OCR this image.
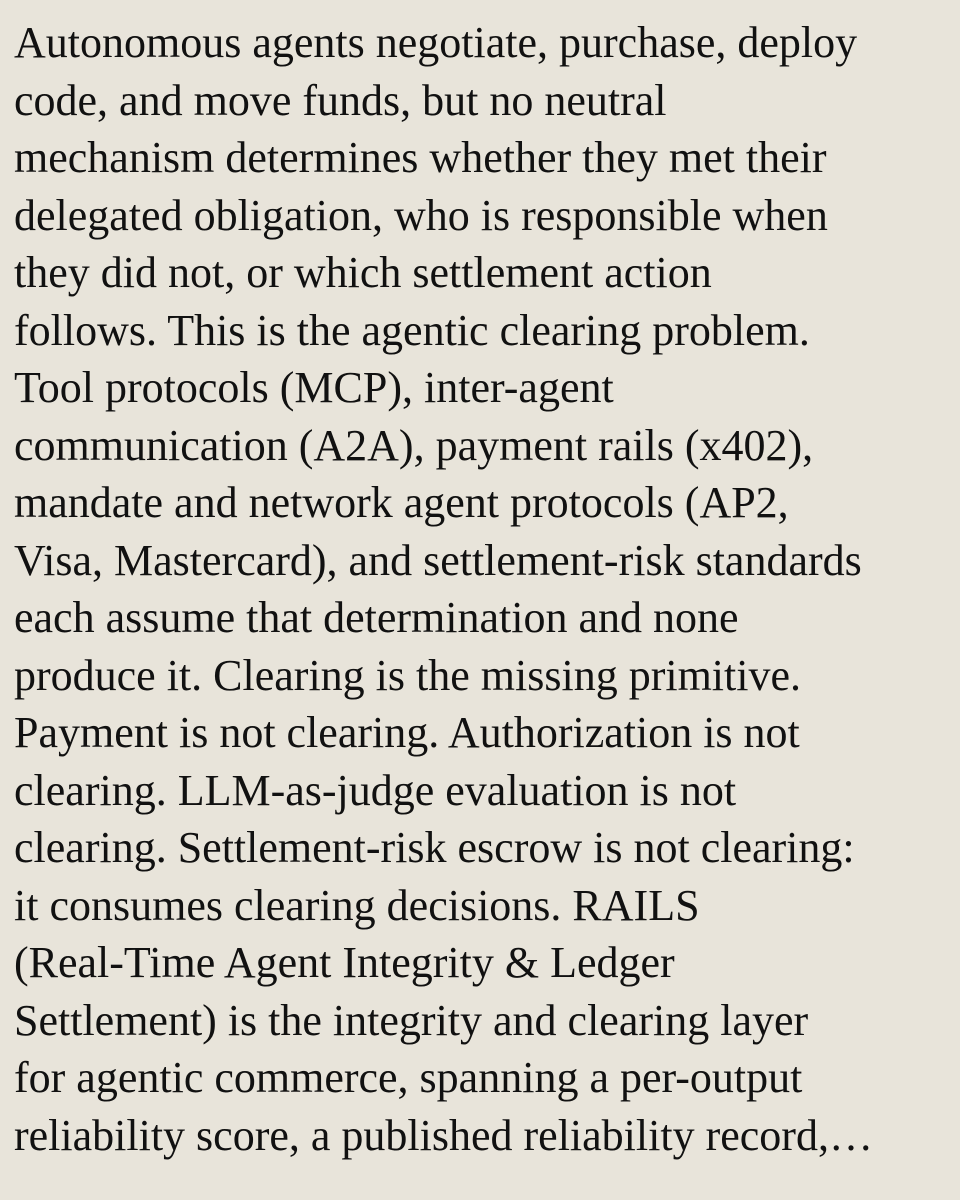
Autonomous agents negotiate, purchase, deploy
code, and move funds, but no neutral
mechanism determines whether they met their
delegated obligation, who is responsible when
they did not, or which settlement action
follows. This is the agentic clearing problem.
Tool protocols (MCP), inter-agent
communication (A2A), payment rails (x402),
mandate and network agent protocols (AP2,
Visa, Mastercard), and settlement-risk standards
each assume that determination and none
produce it. Clearing is the missing primitive.
Payment is not clearing. Authorization is not
clearing. LLM-as-judge evaluation is not
clearing. Settlement-risk escrow is not clearing:
it consumes clearing decisions. RAILS
(Real-Time Agent Integrity & Ledger
Settlement) is the integrity and clearing layer
for agentic commerce, spanning a per-output
reliability score, a published reliability record,…
